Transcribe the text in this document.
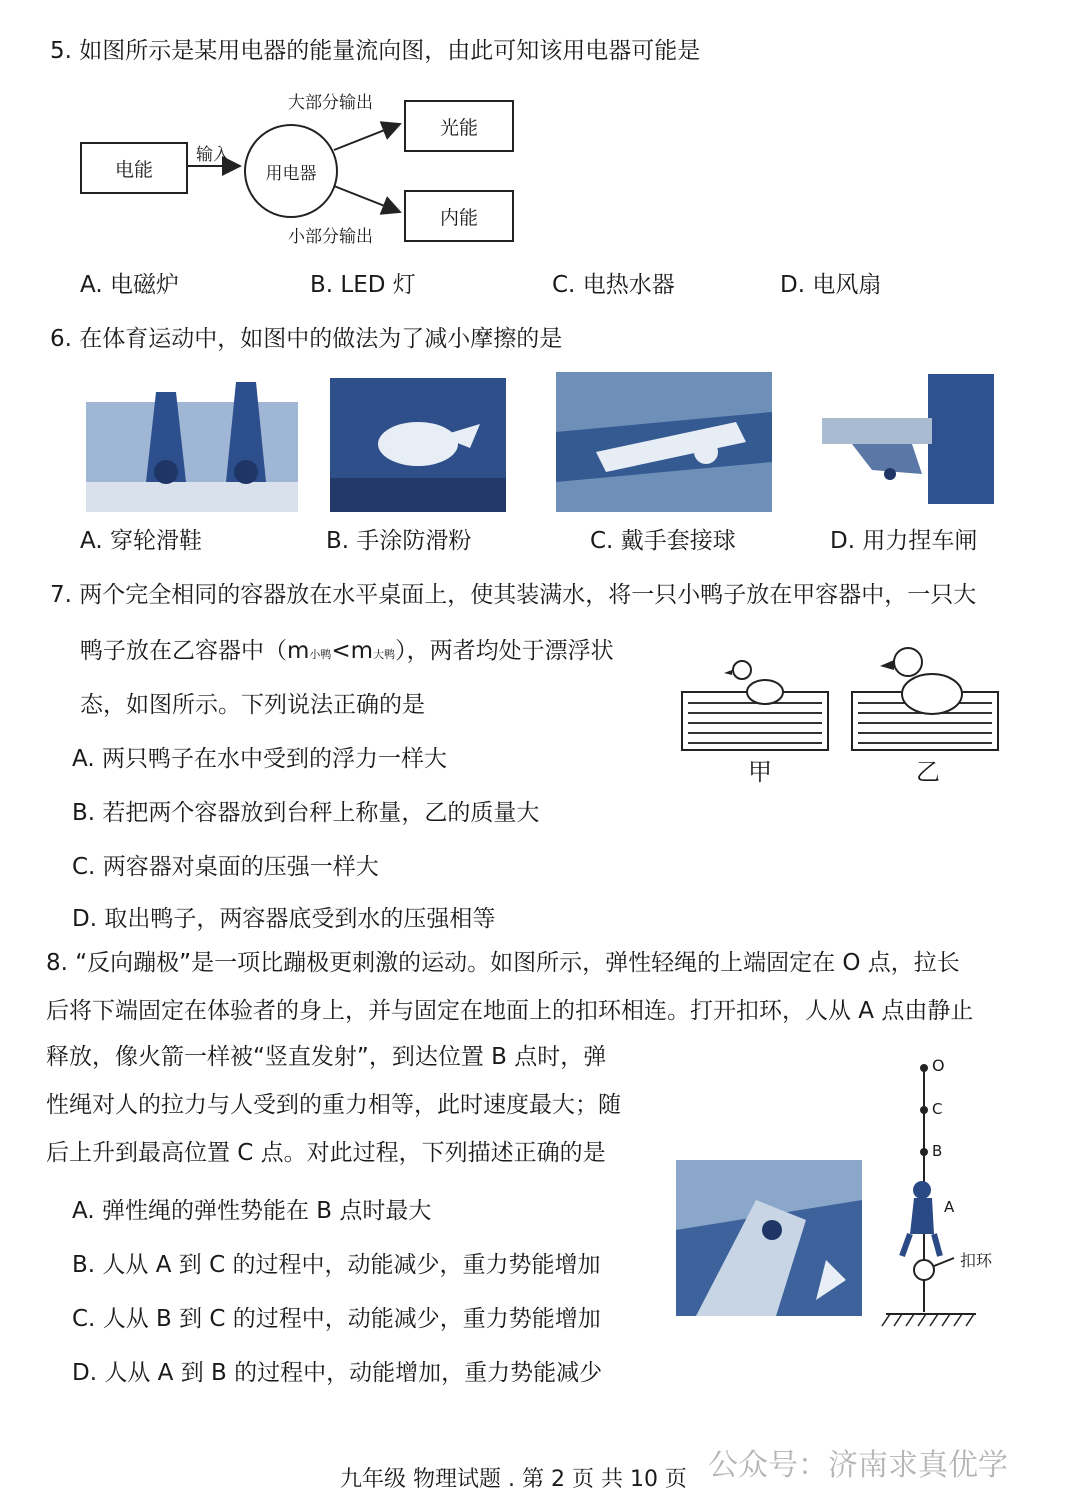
5. 如图所示是某用电器的能量流向图，由此可知该用电器可能是
电能
输入
用电器
大部分输出
光能
小部分输出
内能
A. 电磁炉	B. LED 灯	C. 电热水器	D. 电风扇
6. 在体育运动中，如图中的做法为了减小摩擦的是
A. 穿轮滑鞋	B. 手涂防滑粉	C. 戴手套接球	D. 用力捏车闸
7. 两个完全相同的容器放在水平桌面上，使其装满水，将一只小鸭子放在甲容器中，一只大
鸭子放在乙容器中（m小鸭<m大鸭），两者均处于漂浮状
态，如图所示。下列说法正确的是
甲	乙
A. 两只鸭子在水中受到的浮力一样大
B. 若把两个容器放到台秤上称量，乙的质量大
C. 两容器对桌面的压强一样大
D. 取出鸭子，两容器底受到水的压强相等
8. “反向蹦极”是一项比蹦极更刺激的运动。如图所示，弹性轻绳的上端固定在 O 点，拉长
后将下端固定在体验者的身上，并与固定在地面上的扣环相连。打开扣环，人从 A 点由静止
释放，像火箭一样被“竖直发射”，到达位置 B 点时，弹
性绳对人的拉力与人受到的重力相等，此时速度最大；随
后上升到最高位置 C 点。对此过程，下列描述正确的是
O
C
B
A
扣环
A. 弹性绳的弹性势能在 B 点时最大
B. 人从 A 到 C 的过程中，动能减少，重力势能增加
C. 人从 B 到 C 的过程中，动能减少，重力势能增加
D. 人从 A 到 B 的过程中，动能增加，重力势能减少
九年级 物理试题 . 第 2 页 共 10 页 公众号：济南求真优学
